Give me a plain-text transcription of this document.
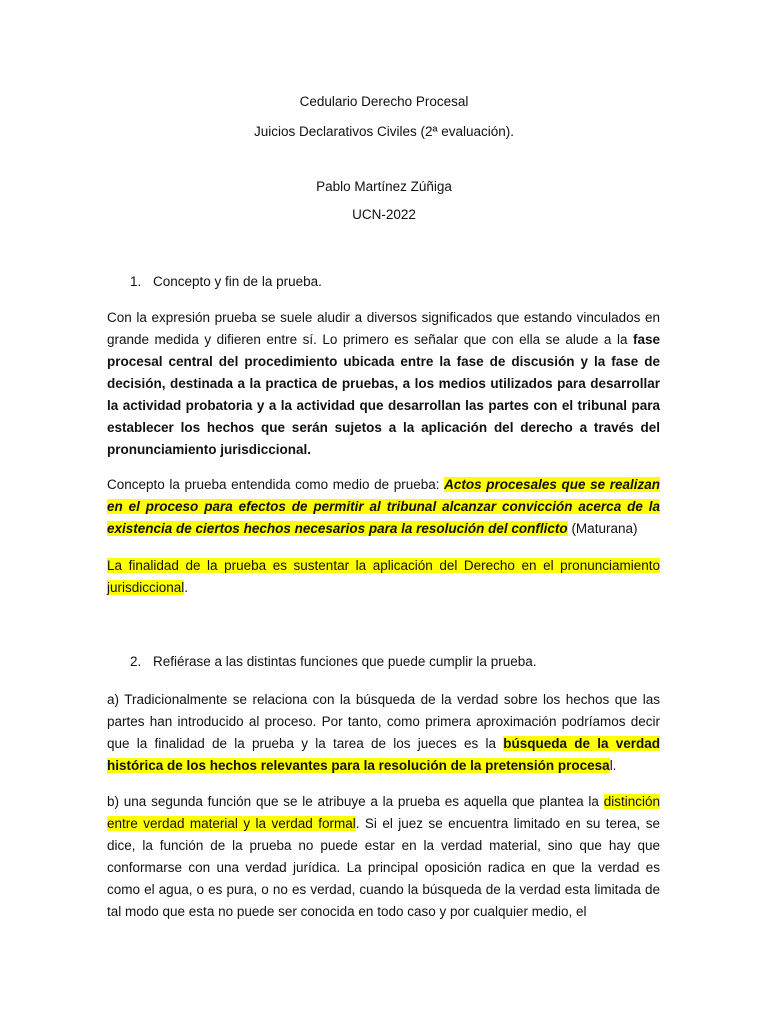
Cedulario Derecho Procesal
Juicios Declarativos Civiles (2ª evaluación).
Pablo Martínez Zúñiga
UCN-2022
1. Concepto y fin de la prueba.
Con la expresión prueba se suele aludir a diversos significados que estando vinculados en grande medida y difieren entre sí. Lo primero es señalar que con ella se alude a la fase procesal central del procedimiento ubicada entre la fase de discusión y la fase de decisión, destinada a la practica de pruebas, a los medios utilizados para desarrollar la actividad probatoria y a la actividad que desarrollan las partes con el tribunal para establecer los hechos que serán sujetos a la aplicación del derecho a través del pronunciamiento jurisdiccional.
Concepto la prueba entendida como medio de prueba: Actos procesales que se realizan en el proceso para efectos de permitir al tribunal alcanzar convicción acerca de la existencia de ciertos hechos necesarios para la resolución del conflicto (Maturana)
La finalidad de la prueba es sustentar la aplicación del Derecho en el pronunciamiento jurisdiccional.
2. Refiérase a las distintas funciones que puede cumplir la prueba.
a) Tradicionalmente se relaciona con la búsqueda de la verdad sobre los hechos que las partes han introducido al proceso. Por tanto, como primera aproximación podríamos decir que la finalidad de la prueba y la tarea de los jueces es la búsqueda de la verdad histórica de los hechos relevantes para la resolución de la pretensión procesal.
b) una segunda función que se le atribuye a la prueba es aquella que plantea la distinción entre verdad material y la verdad formal. Si el juez se encuentra limitado en su terea, se dice, la función de la prueba no puede estar en la verdad material, sino que hay que conformarse con una verdad jurídica. La principal oposición radica en que la verdad es como el agua, o es pura, o no es verdad, cuando la búsqueda de la verdad esta limitada de tal modo que esta no puede ser conocida en todo caso y por cualquier medio, el
